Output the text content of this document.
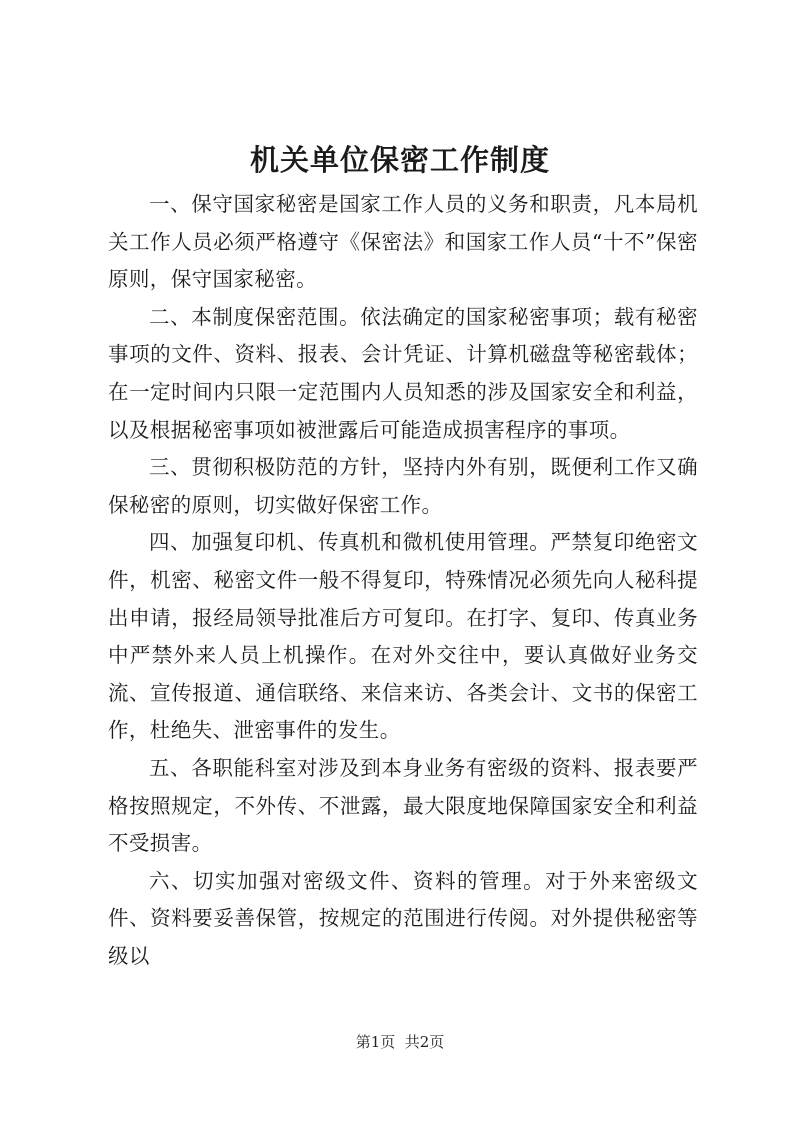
机关单位保密工作制度

一、保守国家秘密是国家工作人员的义务和职责，凡本局机关工作人员必须严格遵守《保密法》和国家工作人员“十不”保密原则，保守国家秘密。

二、本制度保密范围。依法确定的国家秘密事项；载有秘密事项的文件、资料、报表、会计凭证、计算机磁盘等秘密载体；在一定时间内只限一定范围内人员知悉的涉及国家安全和利益，以及根据秘密事项如被泄露后可能造成损害程序的事项。

三、贯彻积极防范的方针，坚持内外有别，既便利工作又确保秘密的原则，切实做好保密工作。

四、加强复印机、传真机和微机使用管理。严禁复印绝密文件，机密、秘密文件一般不得复印，特殊情况必须先向人秘科提出申请，报经局领导批准后方可复印。在打字、复印、传真业务中严禁外来人员上机操作。在对外交往中，要认真做好业务交流、宣传报道、通信联络、来信来访、各类会计、文书的保密工作，杜绝失、泄密事件的发生。

五、各职能科室对涉及到本身业务有密级的资料、报表要严格按照规定，不外传、不泄露，最大限度地保障国家安全和利益不受损害。

六、切实加强对密级文件、资料的管理。对于外来密级文件、资料要妥善保管，按规定的范围进行传阅。对外提供秘密等级以

第1页  共2页
